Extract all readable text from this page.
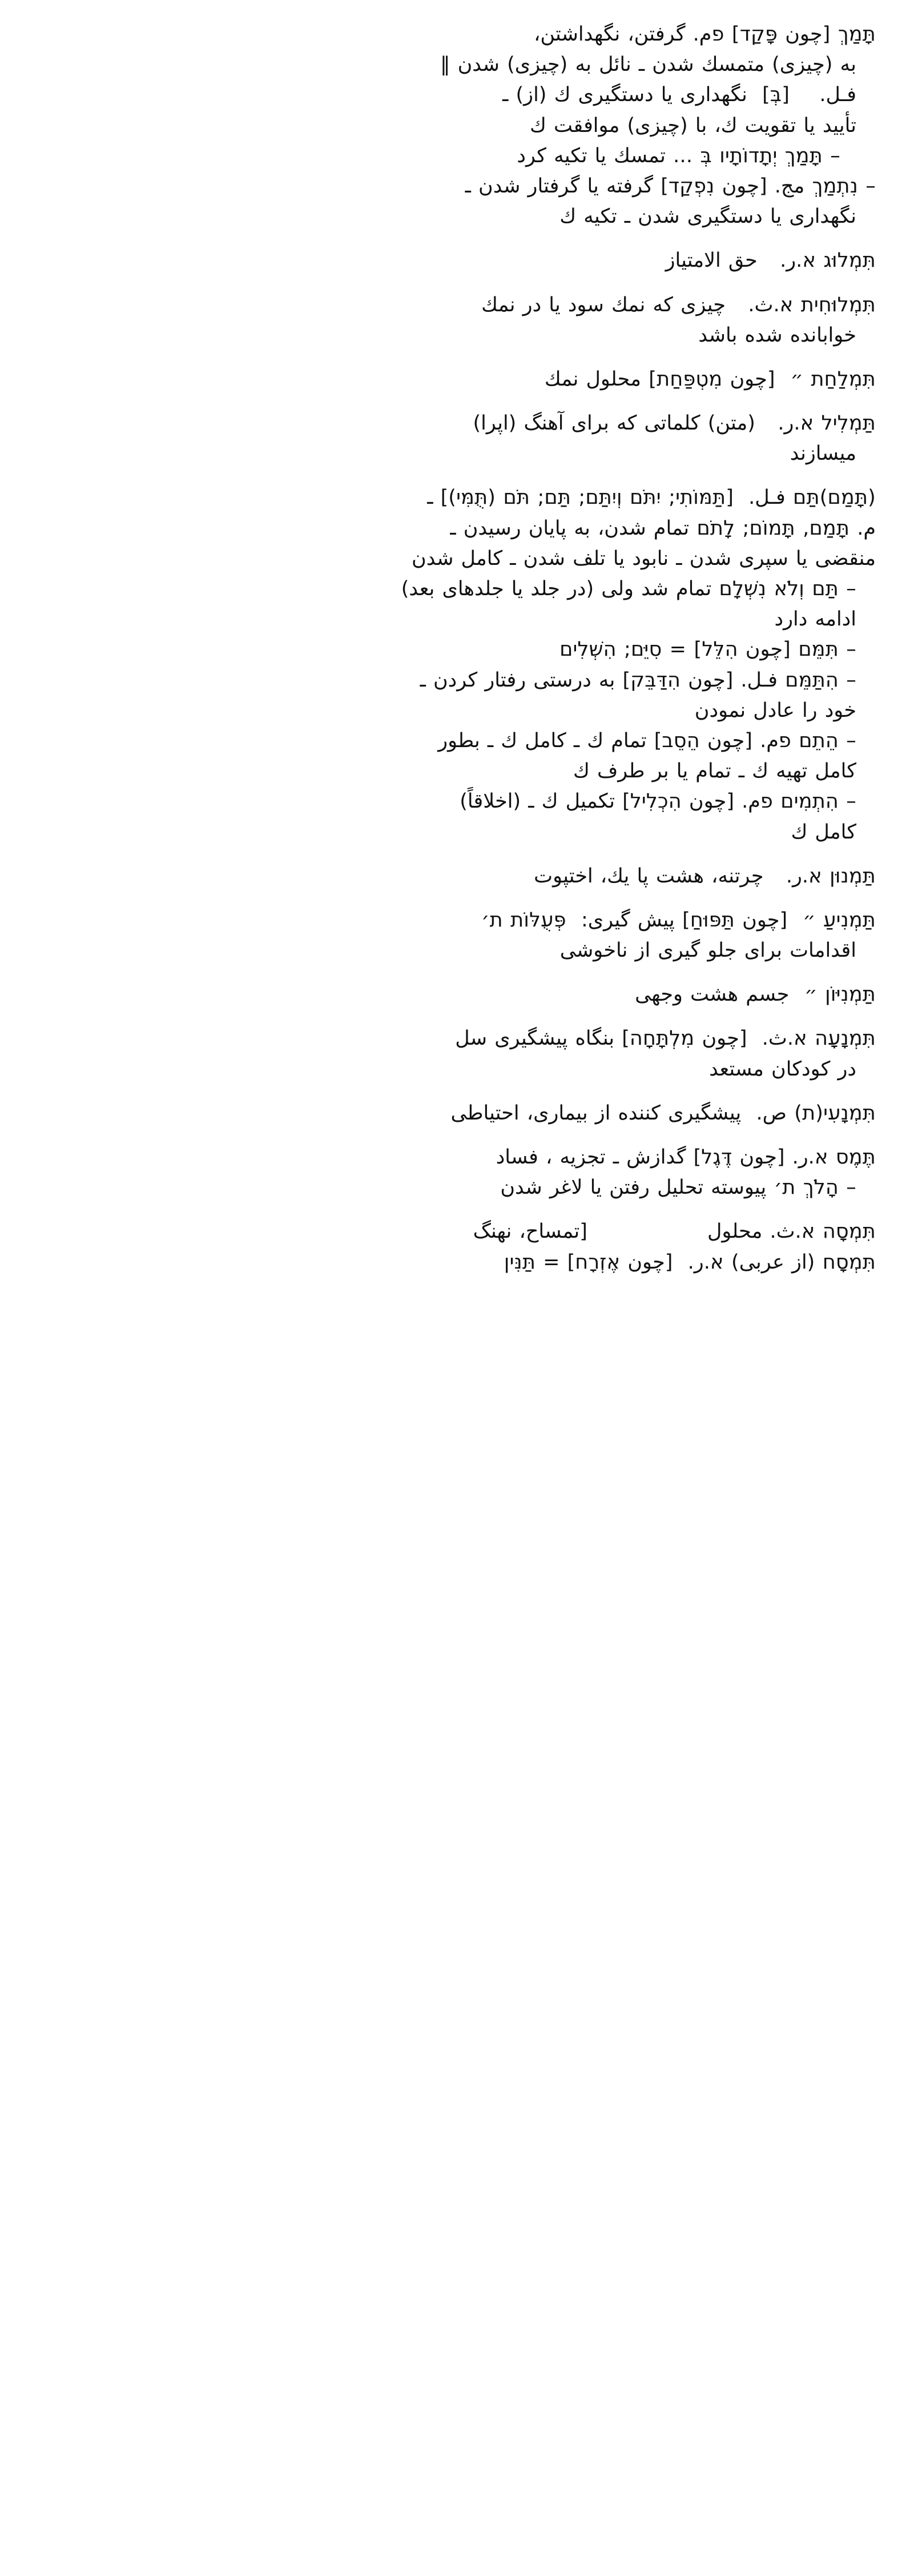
תָּמַךְ [چون פָּקַד] פ‌م. گرفتن، نگهداشتن،
به (چیزی) متمسك شدن ـ نائل به (چیزی) شدن ‖
فـل.    [בְּ]  نگهداری یا دستگیری ك (از) ـ
تأیید یا تقویت ك، با (چیزی) موافقت ك
– תָּמַךְ יְתָדוֹתָיו בְּ ... تمسك یا تکیه کرد
– נִתְמַךְ مج. [چون נִפְקַד] گرفته یا گرفتار شدن ـ
نگهداری یا دستگیری شدن ـ تکیه ك
תִּמְלוּג א.ر.   حق الامتیاز
תִּמְלוּחִית א.ث.   چیزی که نمك سود یا در نمك
خوابانده شده باشد
תִּמְלַחַת ״  [چون מִטְפַּחַת] محلول نمك
תַּמְלִיל א.ر.   (متن) کلماتی که برای آهنگ (اپرا)
میسازند
(תָּמַם)תַּם فـل.  [תַּמּוֹתִי; יִתֹּם וְיִתַּם; תַּם; תֹּם (תֻּמִּי)] ـ
م. תָּמַם, תָּמוֹם; לָתֹם تمام شدن، به پایان رسیدن ـ
منقضی یا سپری شدن ـ نابود یا تلف شدن ـ کامل شدن
– תַּם וְלֹא נִשְׁלָם تمام شد ولی (در جلد یا جلدهای بعد)
ادامه دارد
– תִּמֵּם [چون הִלֵּל] = סִיֵּם; הִשְׁלִים
– הִתַּמֵּם فـل. [چون הִדַּבֵּק] به درستی رفتار کردن ـ
خود را عادل نمودن
– הֵתֵם פ‌م. [چون הֵסֵב] تمام ك ـ کامل ك ـ بطور
کامل تهیه ك ـ تمام یا بر طرف ك
– הִתְמִים פ‌م. [چون הִכְלִיל] تکمیل ك ـ (اخلاقاً)
کامل ك
תַּמְנוּן א.ر.   چرتنه، هشت پا یك، اختپوت
תַּמְנִיעַ ״  [چون תַּפּוּחַ] پیش گیری:  פְּעֻלּוֹת ת׳
اقدامات برای جلو گیری از ناخوشی
תַּמְנִיּוֹן ״  جسم هشت وجهی
תִּמְנָעָה א.ث.  [چون מִלְתָּחָה] بنگاه پیشگیری سل
در کودکان مستعد
תִּמְנָעִי(ת) ص.  پیشگیری کننده از بیماری، احتیاطی
תֶּמֶס א.ر. [چون דֶּגֶל] گدازش ـ تجزیه ، فساد
– הָלֹךְ ת׳ پیوسته تحلیل رفتن یا لاغر شدن
תִּמְסָה א.ث. محلول                [تمساح، نهنگ
תִּמְסָח (از عربی) א.ر.  [چون אֶזְרָח] = תַּנִּין
